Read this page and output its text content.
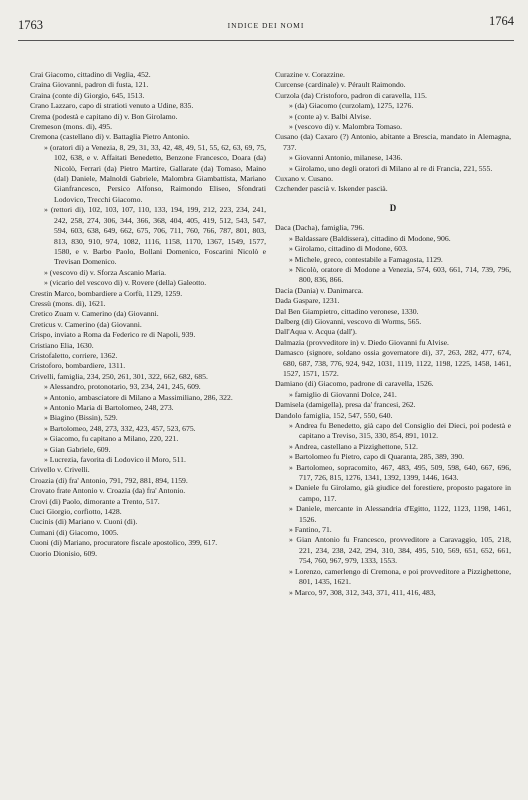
1763	INDICE DEI NOMI	1764
Crai Giacomo, cittadino di Veglia, 452.
Craina Giovanni, padron di fusta, 121.
Craina (conte di) Giorgio, 645, 1513.
Crano Lazzaro, capo di stratioti venuto a Udine, 835.
Crema (podestà e capitano di) v. Bon Girolamo.
Cremeson (mons. di), 495.
Cremona (castellano di) v. Battaglia Pietro Antonio.
» (oratori di) a Venezia, 8, 29, 31, 33, 42, 48, 49, 51, 55, 62, 63, 69, 75, 102, 638, e v. Affaitati Benedetto, Benzone Francesco, Doara (da) Nicolò, Ferrari (da) Pietro Martire, Gallarate (da) Tomaso, Maino (dal) Daniele, Malnoldi Gabriele, Malombra Giambattista, Mariano Gianfrancesco, Persico Alfonso, Raimondo Eliseo, Sfondrati Lodovico, Trecchi Giacomo.
» (rettori di), 102, 103, 107, 110, 133, 194, 199, 212, 223, 234, 241, 242, 258, 274, 306, 344, 366, 368, 404, 405, 419, 512, 543, 547, 594, 603, 638, 649, 662, 675, 706, 711, 760, 766, 787, 801, 803, 813, 830, 910, 974, 1082, 1116, 1158, 1170, 1367, 1549, 1577, 1580, e v. Barbo Paolo, Bollani Domenico, Foscarini Nicolò e Trevisan Domenico.
» (vescovo di) v. Sforza Ascanio Maria.
» (vicario del vescovo di) v. Rovere (della) Galeotto.
Crestin Marco, bombardiere a Corfù, 1129, 1259.
Cressù (mons. di), 1621.
Cretico Zuam v. Camerino (da) Giovanni.
Creticus v. Camerino (da) Giovanni.
Crispo, inviato a Roma da Federico re di Napoli, 939.
Cristiano Elia, 1630.
Cristofaletto, corriere, 1362.
Cristoforo, bombardiere, 1311.
Crivelli, famiglia, 234, 250, 261, 301, 322, 662, 682, 685.
» Alessandro, protonotario, 93, 234, 241, 245, 609.
» Antonio, ambasciatore di Milano a Massimiliano, 286, 322.
» Antonio Maria di Bartolomeo, 248, 273.
» Biagino (Bissin), 529.
» Bartolomeo, 248, 273, 332, 423, 457, 523, 675.
» Giacomo, fu capitano a Milano, 220, 221.
» Gian Gabriele, 609.
» Lucrezia, favorita di Lodovico il Moro, 511.
Crivello v. Crivelli.
Croazia (di) fra' Antonio, 791, 792, 881, 894, 1159.
Crovato frate Antonio v. Croazia (da) fra' Antonio.
Crovi (di) Paolo, dimorante a Trento, 517.
Cuci Giorgio, corfiotto, 1428.
Cucinis (di) Mariano v. Cuoni (di).
Cumani (di) Giacomo, 1005.
Cuoni (di) Mariano, procuratore fiscale apostolico, 399, 617.
Cuorio Dionisio, 609.
Curazine v. Corazzine.
Curcense (cardinale) v. Pérault Raimondo.
Curzola (da) Cristoforo, padron di caravella, 115.
» (da) Giacomo (curzolam), 1275, 1276.
» (conte a) v. Balbi Alvise.
» (vescovo di) v. Malombra Tomaso.
Cusano (da) Caxaro (?) Antonio, abitante a Brescia, mandato in Alemagna, 737.
» Giovanni Antonio, milanese, 1436.
» Girolamo, uno degli oratori di Milano al re di Francia, 221, 555.
Cuxano v. Cusano.
Czchender pascià v. Iskender pascià.
D
Daca (Dacha), famiglia, 796.
» Baldassare (Baldissera), cittadino di Modone, 906.
» Girolamo, cittadino di Modone, 603.
» Michele, greco, contestabile a Famagosta, 1129.
» Nicolò, oratore di Modone a Venezia, 574, 603, 661, 714, 739, 796, 800, 836, 866.
Dacia (Dania) v. Danimarca.
Dada Gaspare, 1231.
Dal Ben Giampietro, cittadino veronese, 1330.
Dalberg (di) Giovanni, vescovo di Worms, 565.
Dall'Aqua v. Acqua (dall').
Dalmazia (provveditore in) v. Diedo Giovanni fu Alvise.
Damasco (signore, soldano ossia governatore di), 37, 263, 282, 477, 674, 680, 687, 738, 776, 924, 942, 1031, 1119, 1122, 1198, 1225, 1458, 1461, 1527, 1571, 1572.
Damiano (di) Giacomo, padrone di caravella, 1526.
» famiglio di Giovanni Dolce, 241.
Damisela (damigella), presa da' francesi, 262.
Dandolo famiglia, 152, 547, 550, 640.
» Andrea fu Benedetto, già capo del Consiglio dei Dieci, poi podestà e capitano a Treviso, 315, 330, 854, 891, 1012.
» Andrea, castellano a Pizzighettone, 512.
» Bartolomeo fu Pietro, capo di Quaranta, 285, 389, 390.
» Bartolomeo, sopracomito, 467, 483, 495, 509, 598, 640, 667, 696, 717, 726, 815, 1276, 1341, 1392, 1399, 1446, 1643.
» Daniele fu Girolamo, già giudice del forestiere, proposto pagatore in campo, 117.
» Daniele, mercante in Alessandria d'Egitto, 1122, 1123, 1198, 1461, 1526.
» Fantino, 71.
» Gian Antonio fu Francesco, provveditore a Caravaggio, 105, 218, 221, 234, 238, 242, 294, 310, 384, 495, 510, 569, 651, 652, 661, 754, 760, 967, 979, 1333, 1553.
» Lorenzo, camerlengo di Cremona, e poi provveditore a Pizzighettone, 801, 1435, 1621.
» Marco, 97, 308, 312, 343, 371, 411, 416, 483,
